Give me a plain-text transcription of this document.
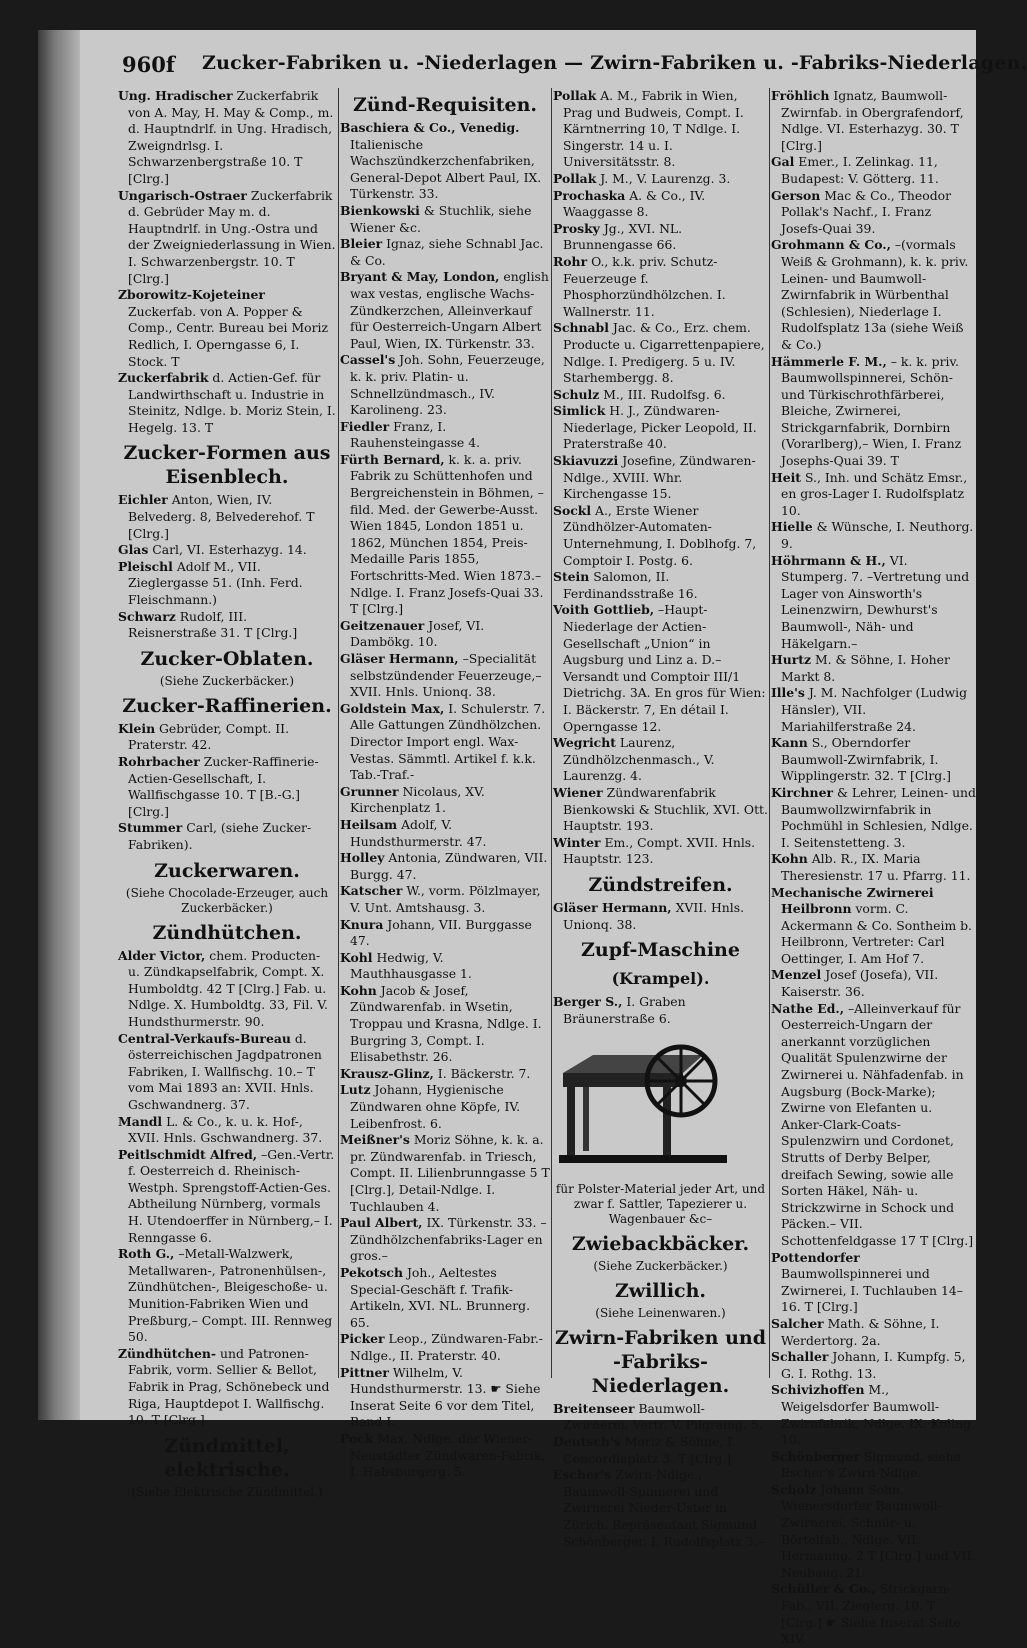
960f Zucker-Fabriken u. -Niederlagen — Zwirn-Fabriken u. -Fabriks-Niederlagen.
Ung. Hradischer Zuckerfabrik von A. May, H. May & Comp., m. d. Hauptndrlf. in Ung. Hradisch, Zweigndrlsg. I. Schwarzenbergstraße 10. T [Clrg.]
Ungarisch-Ostraer Zuckerfabrik d. Gebrüder May m. d. Hauptndrlf. in Ung.-Ostra und der Zweigniederlassung in Wien. I. Schwarzenbergstr. 10. T [Clrg.]
Zborowitz-Kojeteiner Zuckerfab. von A. Popper & Comp., Centr. Bureau bei Moriz Redlich, I. Operngasse 6, I. Stock. T
Zuckerfabrik d. Actien-Gef. für Landwirthschaft u. Industrie in Steinitz, Ndlge. b. Moriz Stein, I. Hegelg. 13. T
Zucker-Formen aus Eisenblech.
Eichler Anton, Wien, IV. Belvederg. 8, Belvederehof. T [Clrg.]
Glas Carl, VI. Esterhazyg. 14.
Pleischl Adolf M., VII. Zieglergasse 51. (Inh. Ferd. Fleischmann.)
Schwarz Rudolf, III. Reisnerstraße 31. T [Clrg.]
Zucker-Oblaten.
(Siehe Zuckerbäcker.)
Zucker-Raffinerien.
Klein Gebrüder, Compt. II. Praterstr. 42.
Rohrbacher Zucker-Raffinerie-Actien-Gesellschaft, I. Wallfischgasse 10. T [B.-G.] [Clrg.]
Stummer Carl, (siehe Zucker-Fabriken).
Zuckerwaren.
(Siehe Chocolade-Erzeuger, auch Zuckerbäcker.)
Zündhütchen.
Alder Victor, chem. Producten- u. Zündkapselfabrik, Compt. X. Humboldtg. 42 T [Clrg.] Fab. u. Ndlge. X. Humboldtg. 33, Fil. V. Hundsthurmerstr. 90.
Central-Verkaufs-Bureau d. österreichischen Jagdpatronen Fabriken, I. Wallfischg. 10.– T vom Mai 1893 an: XVII. Hnls. Gschwandnerg. 37.
Mandl L. & Co., k. u. k. Hof-, XVII. Hnls. Gschwandnerg. 37.
Peitlschmidt Alfred, –Gen.-Vertr. f. Oesterreich d. Rheinisch-Westph. Sprengstoff-Actien-Ges. Abtheilung Nürnberg, vormals H. Utendoerffer in Nürnberg,– I. Renngasse 6.
Roth G., –Metall-Walzwerk, Metallwaren-, Patronenhülsen-, Zündhütchen-, Bleigeschoße- u. Munition-Fabriken Wien und Preßburg,– Compt. III. Rennweg 50.
Zündhütchen- und Patronen-Fabrik, vorm. Sellier & Bellot, Fabrik in Prag, Schönebeck und Riga, Hauptdepot I. Wallfischg. 10. T [Clrg.]
Zündmittel, elektrische.
(Siehe Elektrische Zündmittel.)
Zünd-Requisiten.
Baschiera & Co., Venedig. Italienische Wachszündkerzchenfabriken, General-Depot Albert Paul, IX. Türkenstr. 33.
Bienkowski & Stuchlik, siehe Wiener &c.
Bleier Ignaz, siehe Schnabl Jac. & Co.
Bryant & May, London, english wax vestas, englische Wachs-Zündkerzchen, Alleinverkauf für Oesterreich-Ungarn Albert Paul, Wien, IX. Türkenstr. 33.
Cassel's Joh. Sohn, Feuerzeuge, k. k. priv. Platin- u. Schnellzündmasch., IV. Karolineng. 23.
Fiedler Franz, I. Rauhensteingasse 4.
Fürth Bernard, k. k. a. priv. Fabrik zu Schüttenhofen und Bergreichenstein in Böhmen, –fild. Med. der Gewerbe-Ausst. Wien 1845, London 1851 u. 1862, München 1854, Preis-Medaille Paris 1855, Fortschritts-Med. Wien 1873.– Ndlge. I. Franz Josefs-Quai 33. T [Clrg.]
Geitzenauer Josef, VI. Dambökg. 10.
Gläser Hermann, –Specialität selbstzündender Feuerzeuge,– XVII. Hnls. Unionq. 38.
Goldstein Max, I. Schulerstr. 7. Alle Gattungen Zündhölzchen. Director Import engl. Wax-Vestas. Sämmtl. Artikel f. k.k. Tab.-Traf.-
Grunner Nicolaus, XV. Kirchenplatz 1.
Heilsam Adolf, V. Hundsthurmerstr. 47.
Holley Antonia, Zündwaren, VII. Burgg. 47.
Katscher W., vorm. Pölzlmayer, V. Unt. Amtshausg. 3.
Knura Johann, VII. Burggasse 47.
Kohl Hedwig, V. Mauthhausgasse 1.
Kohn Jacob & Josef, Zündwarenfab. in Wsetin, Troppau und Krasna, Ndlge. I. Burgring 3, Compt. I. Elisabethstr. 26.
Krausz-Glinz, I. Bäckerstr. 7.
Lutz Johann, Hygienische Zündwaren ohne Köpfe, IV. Leibenfrost. 6.
Meißner's Moriz Söhne, k. k. a. pr. Zündwarenfab. in Triesch, Compt. II. Lilienbrunngasse 5 T [Clrg.], Detail-Ndlge. I. Tuchlauben 4.
Paul Albert, IX. Türkenstr. 33. –Zündhölzchenfabriks-Lager en gros.–
Pekotsch Joh., Aeltestes Special-Geschäft f. Trafik-Artikeln, XVI. NL. Brunnerg. 65.
Picker Leop., Zündwaren-Fabr.-Ndlge., II. Praterstr. 40.
Pittner Wilhelm, V. Hundsthurmerstr. 13. ☛ Siehe Inserat Seite 6 vor dem Titel, Band I.
Pock Max, Ndlge. der Wiener-Neustädter Zündwaren-Fabrik, I. Habsburgerg. 5.
Pollak A. M., Fabrik in Wien, Prag und Budweis, Compt. I. Kärntnerring 10, T Ndlge. I. Singerstr. 14 u. I. Universitätsstr. 8.
Pollak J. M., V. Laurenzg. 3.
Prochaska A. & Co., IV. Waaggasse 8.
Prosky Jg., XVI. NL. Brunnengasse 66.
Rohr O., k.k. priv. Schutz-Feuerzeuge f. Phosphorzündhölzchen. I. Wallnerstr. 11.
Schnabl Jac. & Co., Erz. chem. Producte u. Cigarrettenpapiere, Ndlge. I. Predigerg. 5 u. IV. Starhembergg. 8.
Schulz M., III. Rudolfsg. 6.
Simlick H. J., Zündwaren-Niederlage, Picker Leopold, II. Praterstraße 40.
Skiavuzzi Josefine, Zündwaren-Ndlge., XVIII. Whr. Kirchengasse 15.
Sockl A., Erste Wiener Zündhölzer-Automaten-Unternehmung, I. Doblhofg. 7, Comptoir I. Postg. 6.
Stein Salomon, II. Ferdinandsstraße 16.
Voith Gottlieb, –Haupt-Niederlage der Actien-Gesellschaft „Union“ in Augsburg und Linz a. D.– Versandt und Comptoir III/1 Dietrichg. 3A. En gros für Wien: I. Bäckerstr. 7, En détail I. Operngasse 12.
Wegricht Laurenz, Zündhölzchenmasch., V. Laurenzg. 4.
Wiener Zündwarenfabrik Bienkowski & Stuchlik, XVI. Ott. Hauptstr. 193.
Winter Em., Compt. XVII. Hnls. Hauptstr. 123.
Zündstreifen.
Gläser Hermann, XVII. Hnls. Unionq. 38.
Zupf-Maschine
(Krampel).
Berger S., I. Graben Bräunerstraße 6.
für Polster-Material jeder Art, und zwar f. Sattler, Tapezierer u. Wagenbauer &c–
Zwiebackbäcker.
(Siehe Zuckerbäcker.)
Zwillich.
(Siehe Leinenwaren.)
Zwirn-Fabriken und -Fabriks-Niederlagen.
Breitenseer Baumwoll-Zwirnerei, Vertr. V. Pilgramg. 5.
Deutsch's Moriz & Söhne, I. Concordiaplatz 3. T [Clrg.]
Escher's Zwirn-Ndlge., Baumwoll-Spinnerei und Zwirnerei Nieder-Uster in Zürich. Repräsentant Sigmund Schönberger, I. Rudolfsplatz 3.–
Fröhlich Ignatz, Baumwoll-Zwirnfab. in Obergrafendorf, Ndlge. VI. Esterhazyg. 30. T [Clrg.]
Gal Emer., I. Zelinkag. 11, Budapest: V. Götterg. 11.
Gerson Mac & Co., Theodor Pollak's Nachf., I. Franz Josefs-Quai 39.
Grohmann & Co., –(vormals Weiß & Grohmann), k. k. priv. Leinen- und Baumwoll-Zwirnfabrik in Würbenthal (Schlesien), Niederlage I. Rudolfsplatz 13a (siehe Weiß & Co.)
Hämmerle F. M., – k. k. priv. Baumwollspinnerei, Schön- und Türkischrothfärberei, Bleiche, Zwirnerei, Strickgarnfabrik, Dornbirn (Vorarlberg),– Wien, I. Franz Josephs-Quai 39. T
Heit S., Inh. und Schätz Emsr., en gros-Lager I. Rudolfsplatz 10.
Hielle & Wünsche, I. Neuthorg. 9.
Höhrmann & H., VI. Stumperg. 7. –Vertretung und Lager von Ainsworth's Leinenzwirn, Dewhurst's Baumwoll-, Näh- und Häkelgarn.–
Hurtz M. & Söhne, I. Hoher Markt 8.
Ille's J. M. Nachfolger (Ludwig Hänsler), VII. Mariahilferstraße 24.
Kann S., Oberndorfer Baumwoll-Zwirnfabrik, I. Wipplingerstr. 32. T [Clrg.]
Kirchner & Lehrer, Leinen- und Baumwollzwirnfabrik in Pochmühl in Schlesien, Ndlge. I. Seitenstetteng. 3.
Kohn Alb. R., IX. Maria Theresienstr. 17 u. Pfarrg. 11.
Mechanische Zwirnerei Heilbronn vorm. C. Ackermann & Co. Sontheim b. Heilbronn, Vertreter: Carl Oettinger, I. Am Hof 7.
Menzel Josef (Josefa), VII. Kaiserstr. 36.
Nathe Ed., –Alleinverkauf für Oesterreich-Ungarn der anerkannt vorzüglichen Qualität Spulenzwirne der Zwirnerei u. Nähfadenfab. in Augsburg (Bock-Marke); Zwirne von Elefanten u. Anker-Clark-Coats-Spulenzwirn und Cordonet, Strutts of Derby Belper, dreifach Sewing, sowie alle Sorten Häkel, Näh- u. Strickzwirne in Schock und Päcken.– VII. Schottenfeldgasse 17 T [Clrg.]
Pottendorfer Baumwollspinnerei und Zwirnerei, I. Tuchlauben 14–16. T [Clrg.]
Salcher Math. & Söhne, I. Werdertorg. 2a.
Schaller Johann, I. Kumpfg. 5, G. I. Rothg. 13.
Schivizhoffen M., Weigelsdorfer Baumwoll-Zwirnfabrik, Ndlge. IX. Koling. 10.
Schönberger Sigmund, siehe Escher's Zwirn-Ndlge.
Scholz Johann Sohn, Wienersdorfer Baumwoll-Zwirnerei, Schnür- u. Börtelfab., Ndlge. VII. Hermanng. 2 T [Clrg.] und VII. Neubaug. 21.
Schüller & Co., Strickgarn-Fab., VII. Zieglerg. 10. T [Clrg.] ☛ Siehe Inserat Seite XIV.
